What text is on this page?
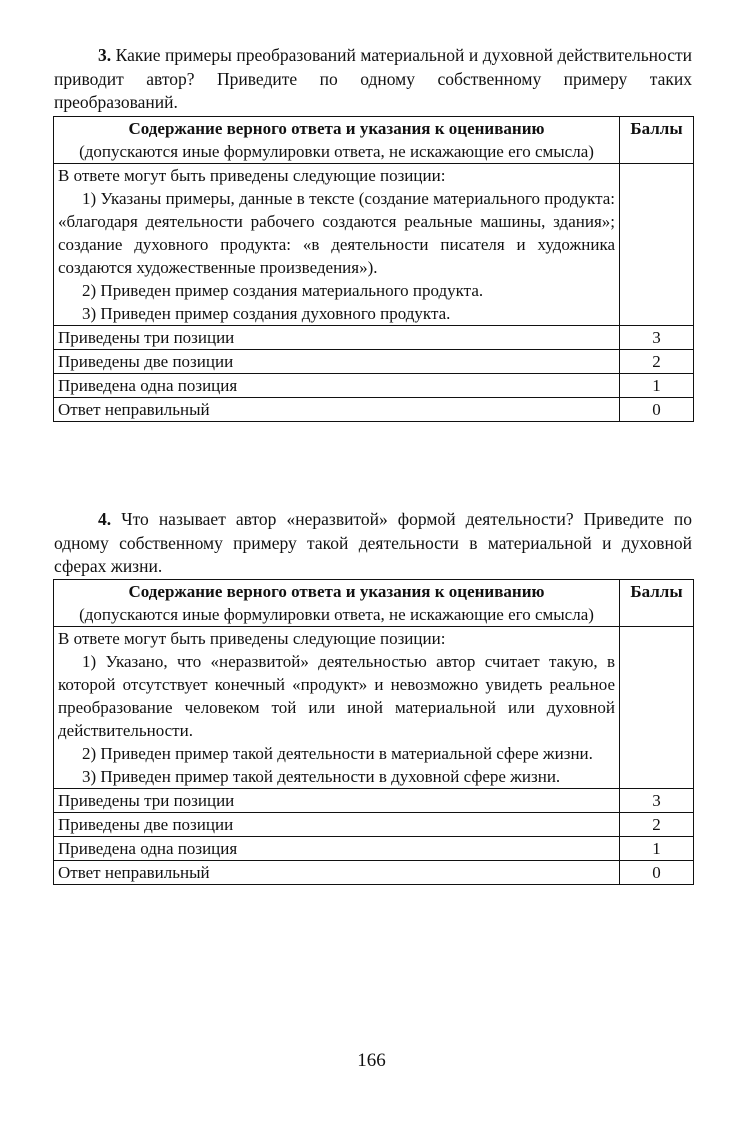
3. Какие примеры преобразований материальной и духовной действительности приводит автор? Приведите по одному собственному примеру таких преобразований.
Содержание верного ответа и указания к оцениванию
(допускаются иные формулировки ответа, не искажающие его смысла)	Баллы

В ответе могут быть приведены следующие позиции:

1) Указаны примеры, данные в тексте (создание материального продукта: «благодаря деятельности рабочего создаются реальные машины, здания»; создание духовного продукта: «в деятельности писателя и художника создаются художественные произведения»).

2) Приведен пример создания материального продукта.

3) Приведен пример создания духовного продукта.	

Приведены три позиции	3
Приведены две позиции	2
Приведена одна позиция	1
Ответ неправильный	0
4. Что называет автор «неразвитой» формой деятельности? Приведите по одному собственному примеру такой деятельности в материальной и духовной сферах жизни.
Содержание верного ответа и указания к оцениванию
(допускаются иные формулировки ответа, не искажающие его смысла)	Баллы

В ответе могут быть приведены следующие позиции:

1) Указано, что «неразвитой» деятельностью автор считает такую, в которой отсутствует конечный «продукт» и невозможно увидеть реальное преобразование человеком той или иной материальной или духовной действительности.

2) Приведен пример такой деятельности в материальной сфере жизни.

3) Приведен пример такой деятельности в духовной сфере жизни.	

Приведены три позиции	3
Приведены две позиции	2
Приведена одна позиция	1
Ответ неправильный	0
166
